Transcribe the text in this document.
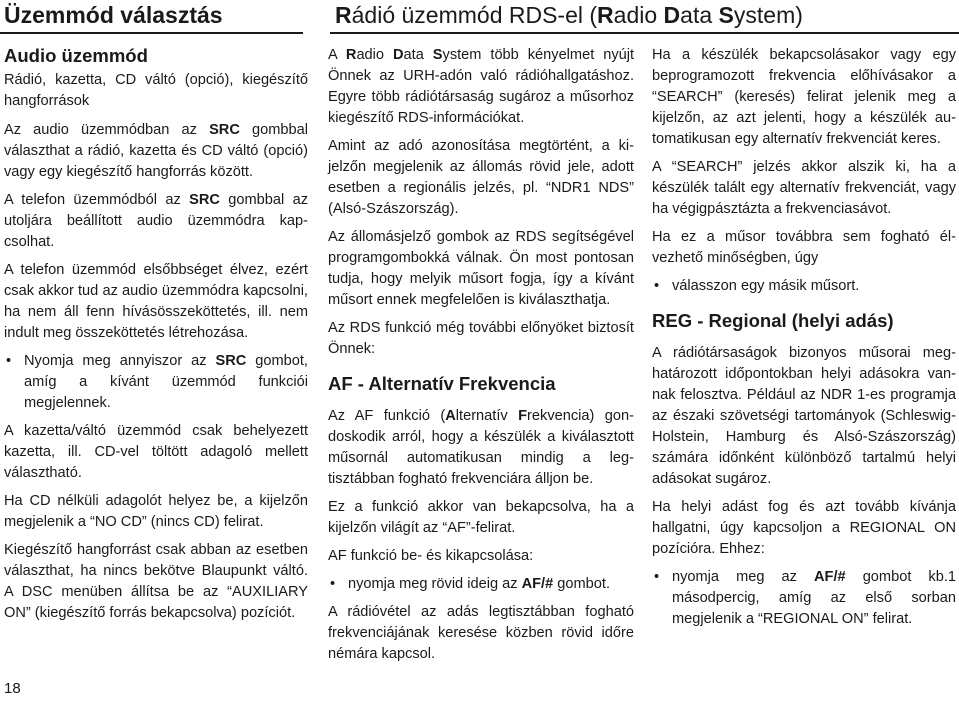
Üzemmód választás	Rádió üzemmód RDS-el (Radio Data System)
Audio üzemmód

Rádió, kazetta, CD váltó (opció), kiegészítő hangforrások

Az audio üzemmódban az SRC gombbal választhat a rádió, kazetta és CD váltó (opció) vagy egy kiegészítő hangforrás között.

A telefon üzemmódból az SRC gombbal az utoljára beállított audio üzemmódra kapcsolhat.

A telefon üzemmód elsőbbséget élvez, ezért csak akkor tud az audio üzemmódra kapcsolni, ha nem áll fenn hívásösszeköttetés, ill. nem indult meg összeköttetés létrehozása.

• Nyomja meg annyiszor az SRC gombot, amíg a kívánt üzemmód funkciói megjelennek.

A kazetta/váltó üzemmód csak behelyezett kazetta, ill. CD-vel töltött adagoló mellett választható.

Ha CD nélküli adagolót helyez be, a kijelzőn megjelenik a “NO CD” (nincs CD) felirat.

Kiegészítő hangforrást csak abban az esetben választhat, ha nincs bekötve Blaupunkt váltó. A DSC menüben állítsa be az “AUXILIARY ON” (kiegészítő forrás bekapcsolva) pozíciót.

A Radio Data System több kényelmet nyújt Önnek az URH-adón való rádióhallgatáshoz. Egyre több rádiótársaság sugároz a műsorhoz kiegészítő RDS-információkat.

Amint az adó azonosítása megtörtént, a kijelzőn megjelenik az állomás rövid jele, adott esetben a regionális jelzés, pl. “NDR1 NDS” (Alsó-Szászország).

Az állomásjelző gombok az RDS segítségével programgombokká válnak. Ön most pontosan tudja, hogy melyik műsort fogja, így a kívánt műsort ennek megfelelően is kiválaszthatja.

Az RDS funkció még további előnyöket biztosít Önnek:

AF - Alternatív Frekvencia

Az AF funkció (Alternatív Frekvencia) gondoskodik arról, hogy a készülék a kiválasztott műsornál automatikusan mindig a legtisztábban fogható frekvenciára álljon be.

Ez a funkció akkor van bekapcsolva, ha a kijelzőn világít az “AF”-felirat.

AF funkció be- és kikapcsolása:

• nyomja meg rövid ideig az AF/# gombot.

A rádióvétel az adás legtisztábban fogható frekvenciájának keresése közben rövid időre némára kapcsol.

Ha a készülék bekapcsolásakor vagy egy beprogramozott frekvencia előhívásakor a “SEARCH” (keresés) felirat jelenik meg a kijelzőn, az azt jelenti, hogy a készülék automatikusan egy alternatív frekvenciát keres.

A “SEARCH” jelzés akkor alszik ki, ha a készülék talált egy alternatív frekvenciát, vagy ha végigpásztázta a frekvenciasávot.

Ha ez a műsor továbbra sem fogható élvezhető minőségben, úgy

• válasszon egy másik műsort.
REG - Regional (helyi adás)

A rádiótársaságok bizonyos műsorai meghatározott időpontokban helyi adásokra vannak felosztva. Például az NDR 1-es programja az északi szövetségi tartományok (Schleswig-Holstein, Hamburg és Alsó-Szászország) számára időnként különböző tartalmú helyi adásokat sugároz.

Ha helyi adást fog és azt tovább kívánja hallgatni, úgy kapcsoljon a REGIONAL ON pozícióra. Ehhez:

• nyomja meg az AF/# gombot kb.1 másodpercig, amíg az első sorban megjelenik a “REGIONAL ON” felirat.
18
